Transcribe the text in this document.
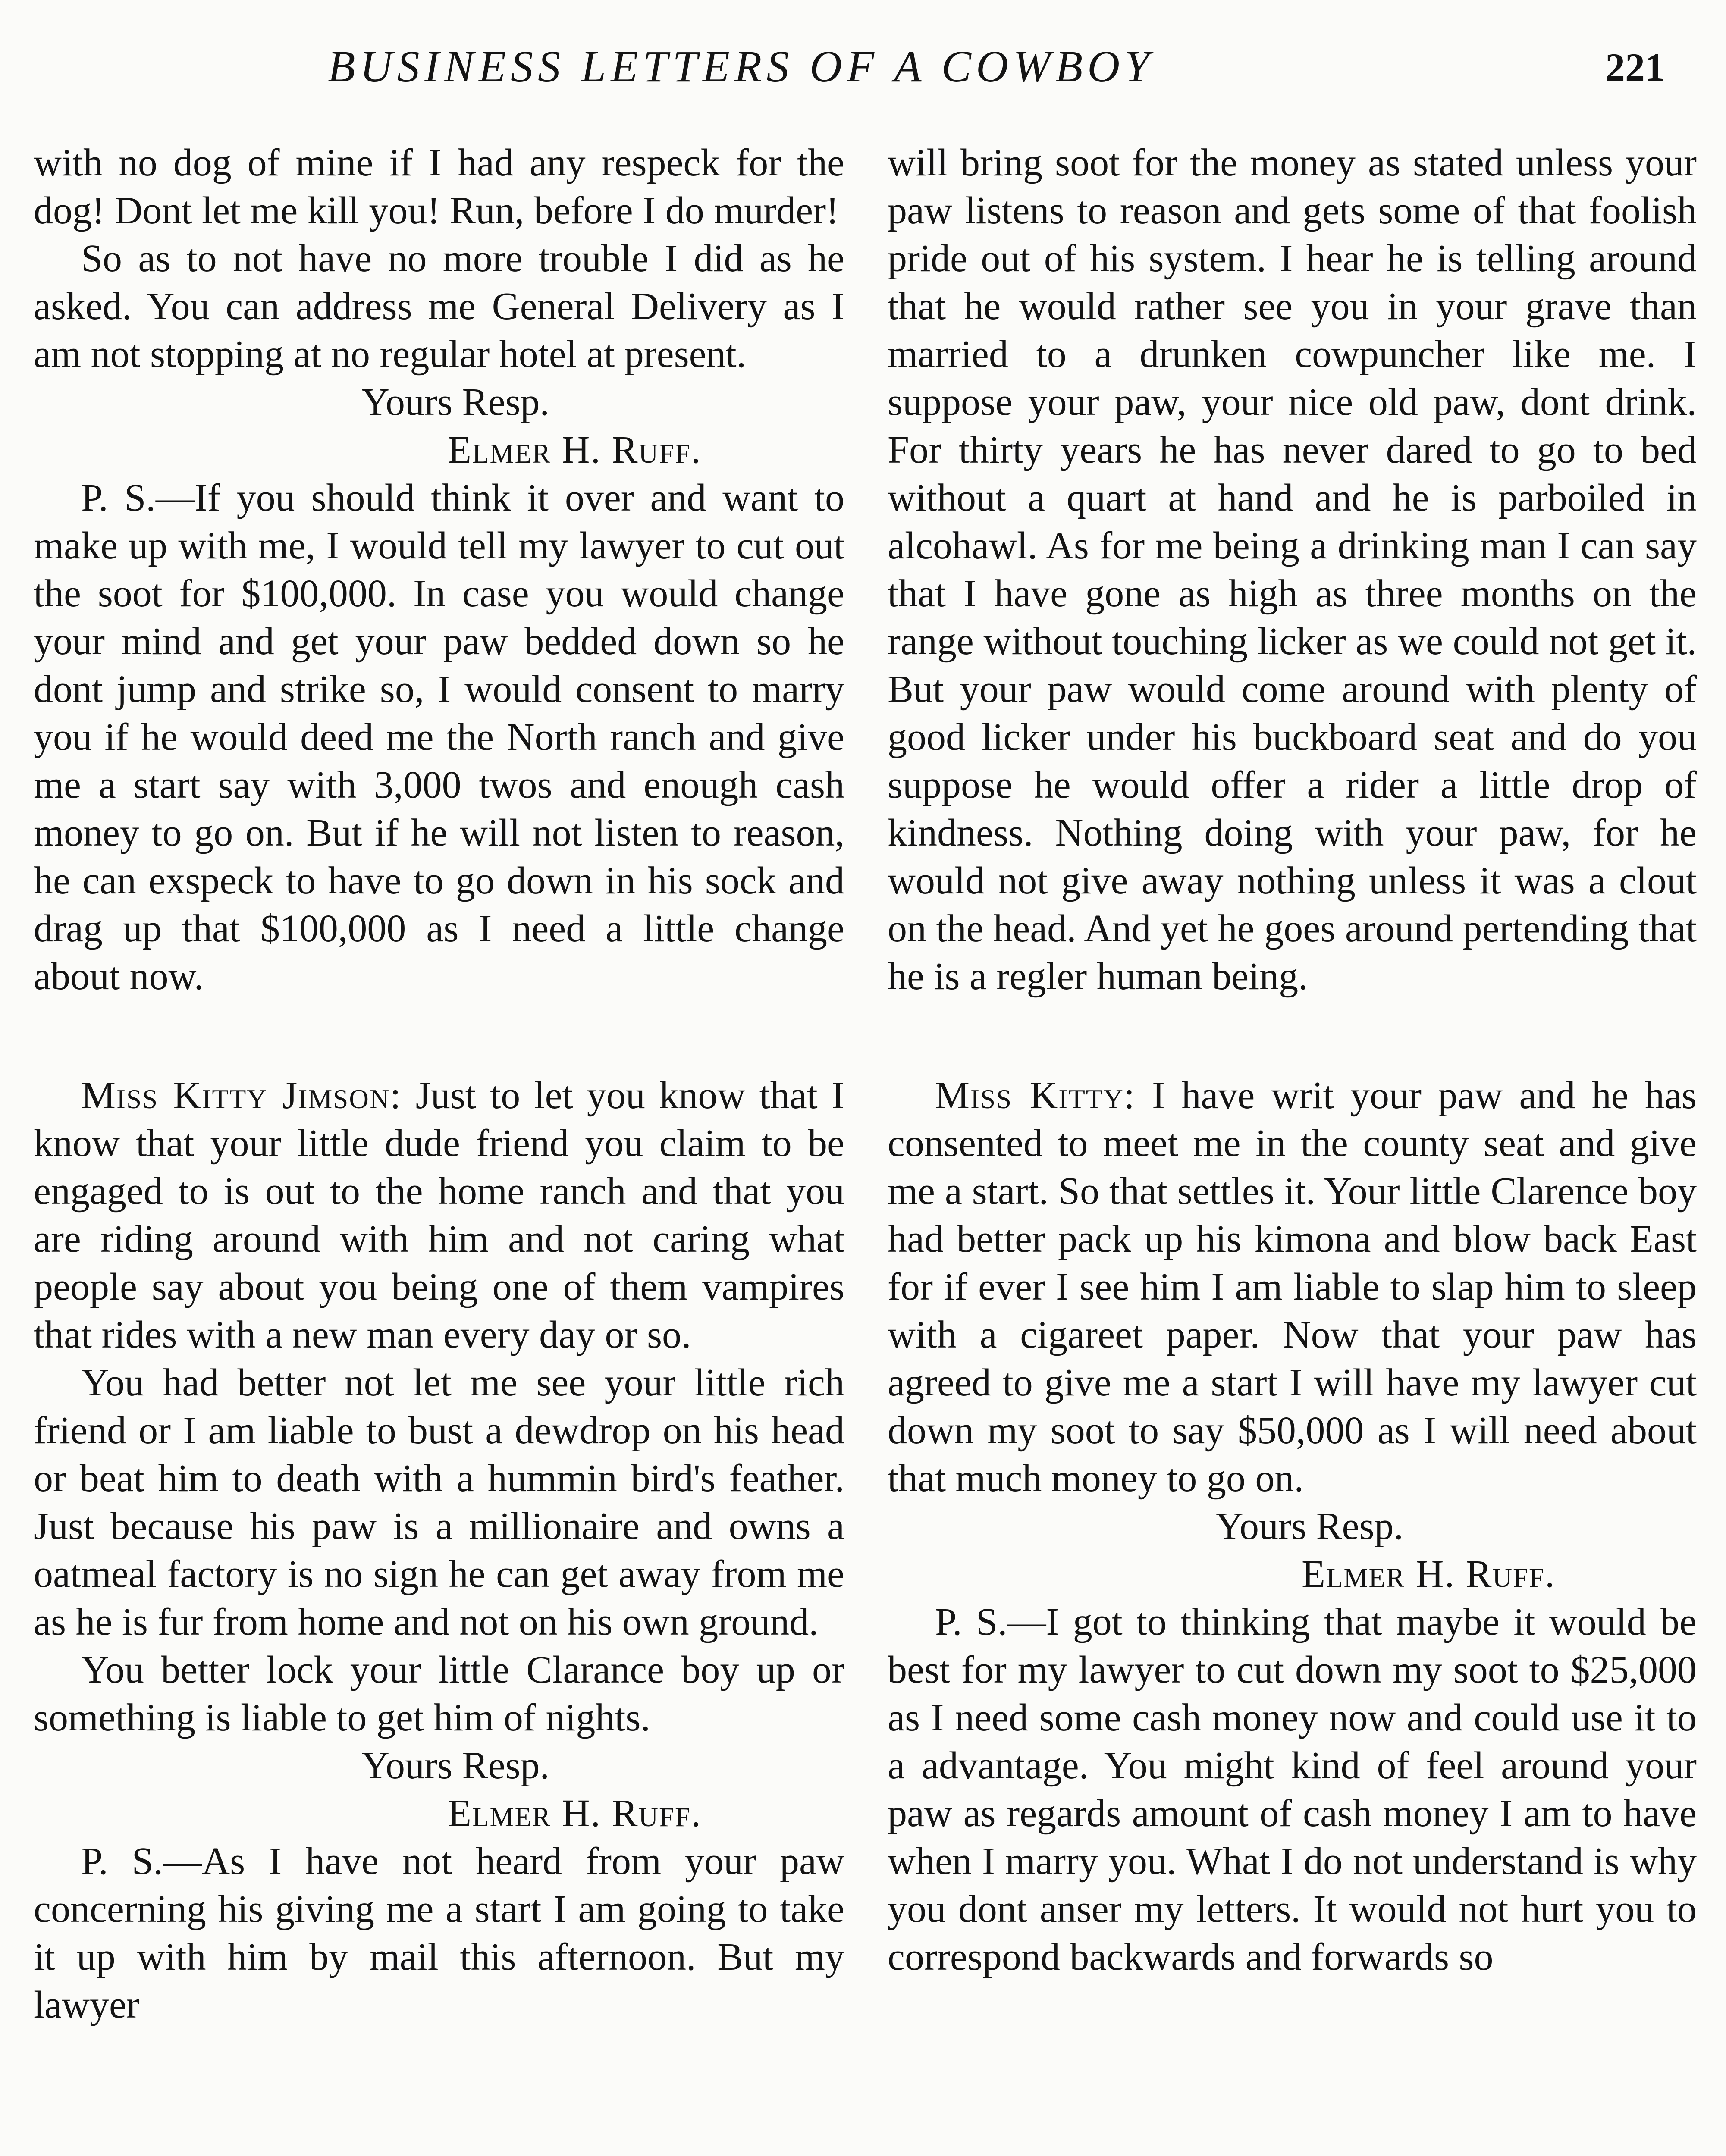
BUSINESS LETTERS OF A COWBOY	221

with no dog of mine if I had any respeck for the dog! Dont let me kill you! Run, before I do murder!

So as to not have no more trouble I did as he asked. You can address me General Delivery as I am not stopping at no regular hotel at present.

Yours Resp.

Elmer H. Ruff.

P. S.—If you should think it over and want to make up with me, I would tell my lawyer to cut out the soot for $100,000. In case you would change your mind and get your paw bedded down so he dont jump and strike so, I would consent to marry you if he would deed me the North ranch and give me a start say with 3,000 twos and enough cash money to go on. But if he will not listen to reason, he can exspeck to have to go down in his sock and drag up that $100,000 as I need a little change about now.

Miss Kitty Jimson: Just to let you know that I know that your little dude friend you claim to be engaged to is out to the home ranch and that you are riding around with him and not caring what people say about you being one of them vampires that rides with a new man every day or so.

You had better not let me see your little rich friend or I am liable to bust a dewdrop on his head or beat him to death with a hummin bird's feather. Just because his paw is a millionaire and owns a oatmeal factory is no sign he can get away from me as he is fur from home and not on his own ground.

You better lock your little Clarance boy up or something is liable to get him of nights.

Yours Resp.

Elmer H. Ruff.

P. S.—As I have not heard from your paw concerning his giving me a start I am going to take it up with him by mail this afternoon. But my lawyer

will bring soot for the money as stated unless your paw listens to reason and gets some of that foolish pride out of his system. I hear he is telling around that he would rather see you in your grave than married to a drunken cowpuncher like me. I suppose your paw, your nice old paw, dont drink. For thirty years he has never dared to go to bed without a quart at hand and he is parboiled in alcohawl. As for me being a drinking man I can say that I have gone as high as three months on the range without touching licker as we could not get it. But your paw would come around with plenty of good licker under his buckboard seat and do you suppose he would offer a rider a little drop of kindness. Nothing doing with your paw, for he would not give away nothing unless it was a clout on the head. And yet he goes around pertending that he is a regler human being.

Miss Kitty: I have writ your paw and he has consented to meet me in the county seat and give me a start. So that settles it. Your little Clarence boy had better pack up his kimona and blow back East for if ever I see him I am liable to slap him to sleep with a cigareet paper. Now that your paw has agreed to give me a start I will have my lawyer cut down my soot to say $50,000 as I will need about that much money to go on.

Yours Resp.

Elmer H. Ruff.

P. S.—I got to thinking that maybe it would be best for my lawyer to cut down my soot to $25,000 as I need some cash money now and could use it to a advantage. You might kind of feel around your paw as regards amount of cash money I am to have when I marry you. What I do not understand is why you dont anser my letters. It would not hurt you to correspond backwards and forwards so
